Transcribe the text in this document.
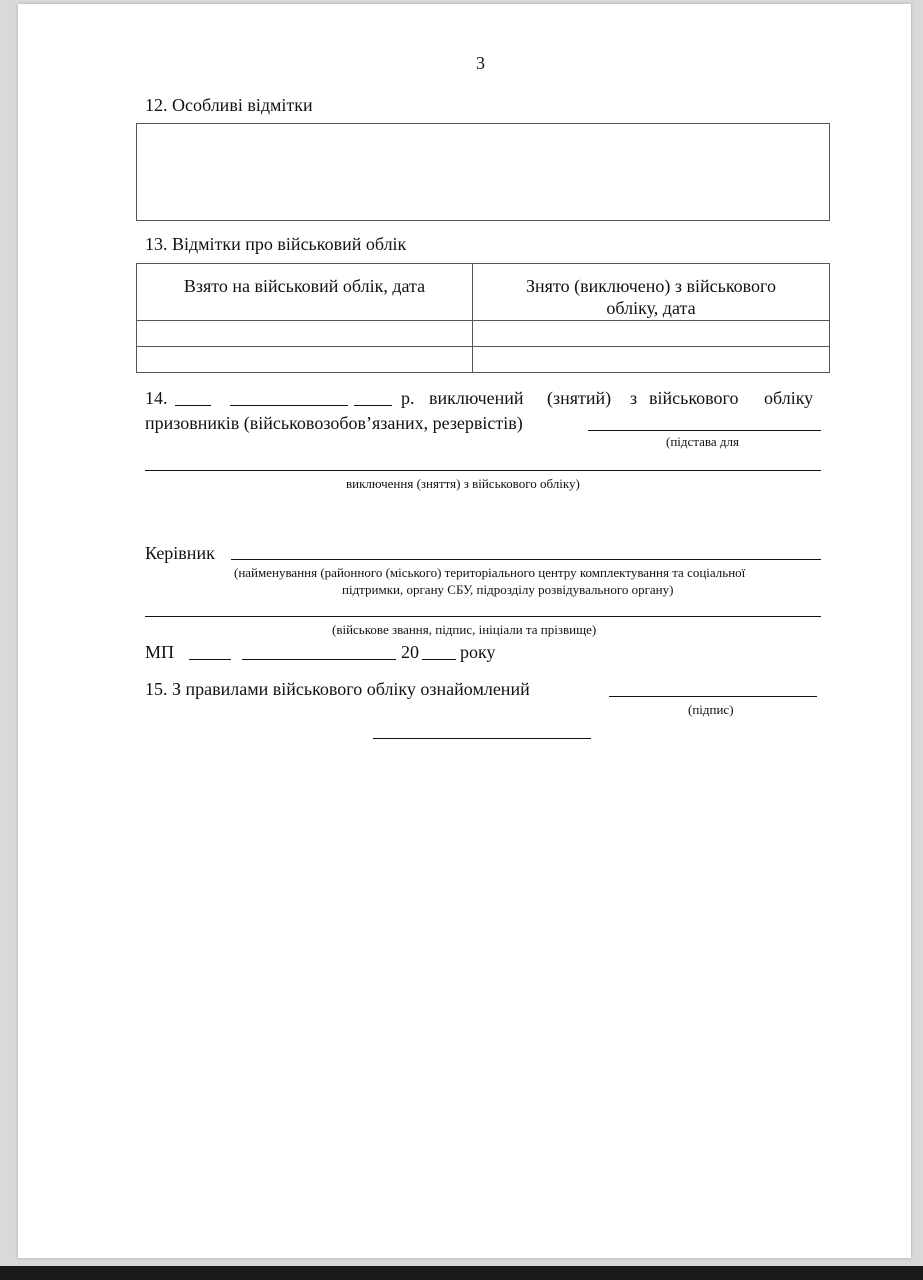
3
12. Особливі відмітки
13. Відмітки про військовий облік
Взято на військовий облік, дата	Знято (виключено) з військового
обліку, дата

14.	р. виключений (знятий) з військового обліку
призовників (військовозобов’язаних, резервістів)
(підстава для
виключення (зняття) з військового обліку)
Керівник
(найменування (районного (міського) територіального центру комплектування та соціальної
підтримки, органу СБУ, підрозділу розвідувального органу)
(військове звання, підпис, ініціали та прізвище)
МП	20 року
15. З правилами військового обліку ознайомлений
(підпис)
